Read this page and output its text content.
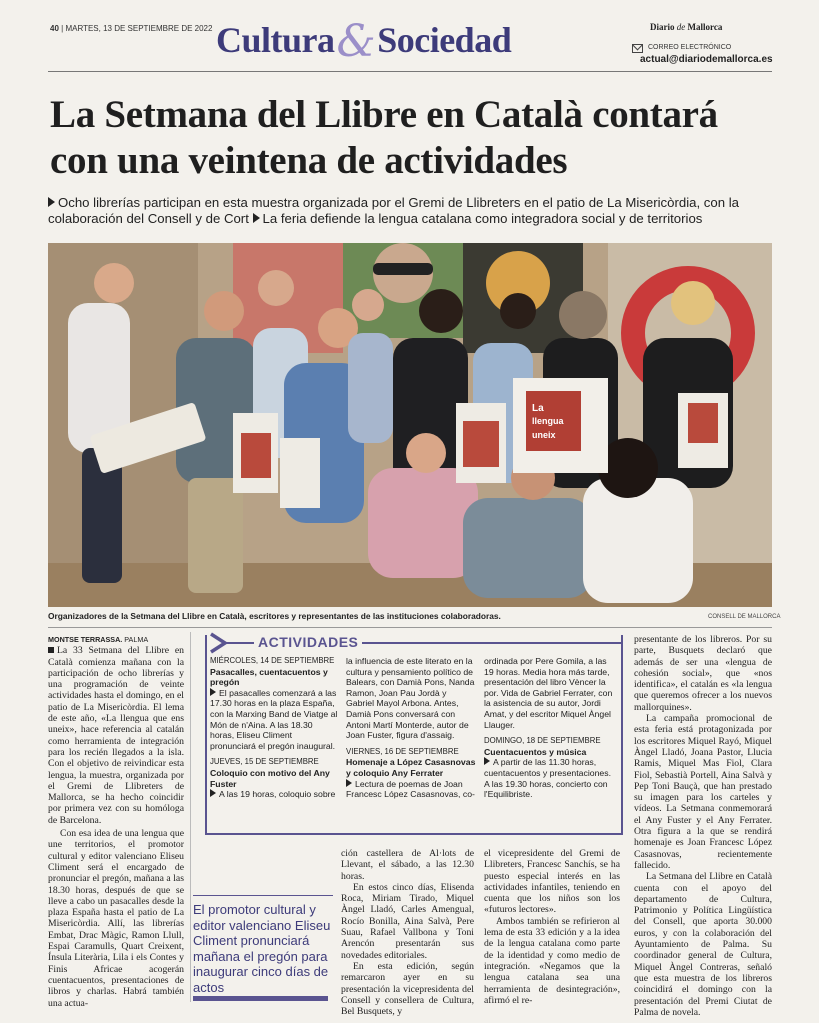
40 | MARTES, 13 DE SEPTIEMBRE DE 2022	Diario de Mallorca
Cultura&Sociedad	CORREO ELECTRÓNICO
actual@diariodemallorca.es
La Setmana del Llibre en Català contará con una veintena de actividades
Ocho librerías participan en esta muestra organizada por el Gremi de Llibreters en el patio de La Misericòrdia, con la colaboración del Consell y de Cort La feria defiende la lengua catalana como integradora social y de territorios
La
llengua
uneix
Organizadores de la Setmana del Llibre en Català, escritores y representantes de las instituciones colaboradoras.	CONSELL DE MALLORCA
MONTSE TERRASSA. PALMA

La 33 Setmana del Llibre en Català comienza mañana con la participación de ocho librerías y una programación de veinte actividades hasta el domingo, en el patio de La Misericòrdia. El lema de este año, «La llengua que ens uneix», hace referencia al catalán como herramienta de integración para los recién llegados a la isla. Con el objetivo de reivindicar esta lengua, la muestra, organizada por el Gremi de Llibreters de Mallorca, se ha hecho coincidir por primera vez con su homóloga de Barcelona.

Con esa idea de una lengua que une territorios, el promotor cultural y editor valenciano Eliseu Climent será el encargado de pronunciar el pregón, mañana a las 18.30 horas, después de que se lleve a cabo un pasacalles desde la plaza España hasta el patio de La Misericòrdia. Allí, las librerías Embat, Drac Màgic, Ramon Llull, Espai Caramulls, Quart Creixent, Ínsula Literària, Lila i els Contes y Finis Africae acogerán cuentacuentos, presentaciones de libros y charlas. Habrá también una actua-

ACTIVIDADES
MIÉRCOLES, 14 DE SEPTIEMBRE
Pasacalles, cuentacuentos y pregón
El pasacalles comenzará a las 17.30 horas en la plaza España, con la Marxing Band de Viatge al Món de n'Aina. A las 18.30 horas, Eliseu Climent pronunciará el pregón inaugural.
JUEVES, 15 DE SEPTIEMBRE
Coloquio con motivo del Any Fuster
A las 19 horas, coloquio sobre
la influencia de este literato en la cultura y pensamiento político de Balears, con Damià Pons, Nanda Ramon, Joan Pau Jordà y Gabriel Mayol Arbona. Antes, Damià Pons conversará con Antoni Martí Monterde, autor de Joan Fuster, figura d'assaig.
VIERNES, 16 DE SEPTIEMBRE
Homenaje a López Casasnovas y coloquio Any Ferrater
Lectura de poemas de Joan Francesc López Casasnovas, co-
ordinada por Pere Gomila, a las 19 horas. Media hora más tarde, presentación del libro Vèncer la por. Vida de Gabriel Ferrater, con la asistencia de su autor, Jordi Amat, y del escritor Miquel Àngel Llauger.
DOMINGO, 18 DE SEPTIEMBRE
Cuentacuentos y música
A partir de las 11.30 horas, cuentacuentos y presentaciones. A las 19.30 horas, concierto con l'Equilibriste.
El promotor cultural y editor valenciano Eliseu Climent pronunciará mañana el pregón para inaugurar cinco días de actos

ción castellera de Al·lots de Llevant, el sábado, a las 12.30 horas.

En estos cinco días, Elisenda Roca, Miriam Tirado, Miquel Àngel Lladó, Carles Amengual, Rocío Bonilla, Aina Salvà, Pere Suau, Rafael Vallbona y Toni Arencón presentarán sus novedades editoriales.

En esta edición, según remarcaron ayer en su presentación la vicepresidenta del Consell y consellera de Cultura, Bel Busquets, y

el vicepresidente del Gremi de Llibreters, Francesc Sanchís, se ha puesto especial interés en las actividades infantiles, teniendo en cuenta que los niños son los «futuros lectores».

Ambos también se refirieron al lema de esta 33 edición y a la idea de la lengua catalana como parte de la identidad y como medio de integración. «Negamos que la lengua catalana sea una herramienta de desintegración», afirmó el re-

presentante de los libreros. Por su parte, Busquets declaró que además de ser una «lengua de cohesión social», que «nos identifica», el catalán es «la lengua que queremos ofrecer a los nuevos mallorquines».

La campaña promocional de esta feria está protagonizada por los escritores Miquel Rayó, Miquel Àngel Lladó, Joana Pastor, Llucia Ramis, Miquel Mas Fiol, Clara Fiol, Sebastià Portell, Aina Salvà y Pep Toni Bauçà, que han prestado su imagen para los carteles y vídeos. La Setmana conmemorará el Any Fuster y el Any Ferrater. Otra figura a la que se rendirá homenaje es Joan Francesc López Casasnovas, recientemente fallecido.

La Setmana del Llibre en Català cuenta con el apoyo del departamento de Cultura, Patrimonio y Política Lingüística del Consell, que aporta 30.000 euros, y con la colaboración del Ayuntamiento de Palma. Su coordinador general de Cultura, Miquel Àngel Contreras, señaló que esta muestra de los libreros coincidirá el domingo con la presentación del Premi Ciutat de Palma de novela.
